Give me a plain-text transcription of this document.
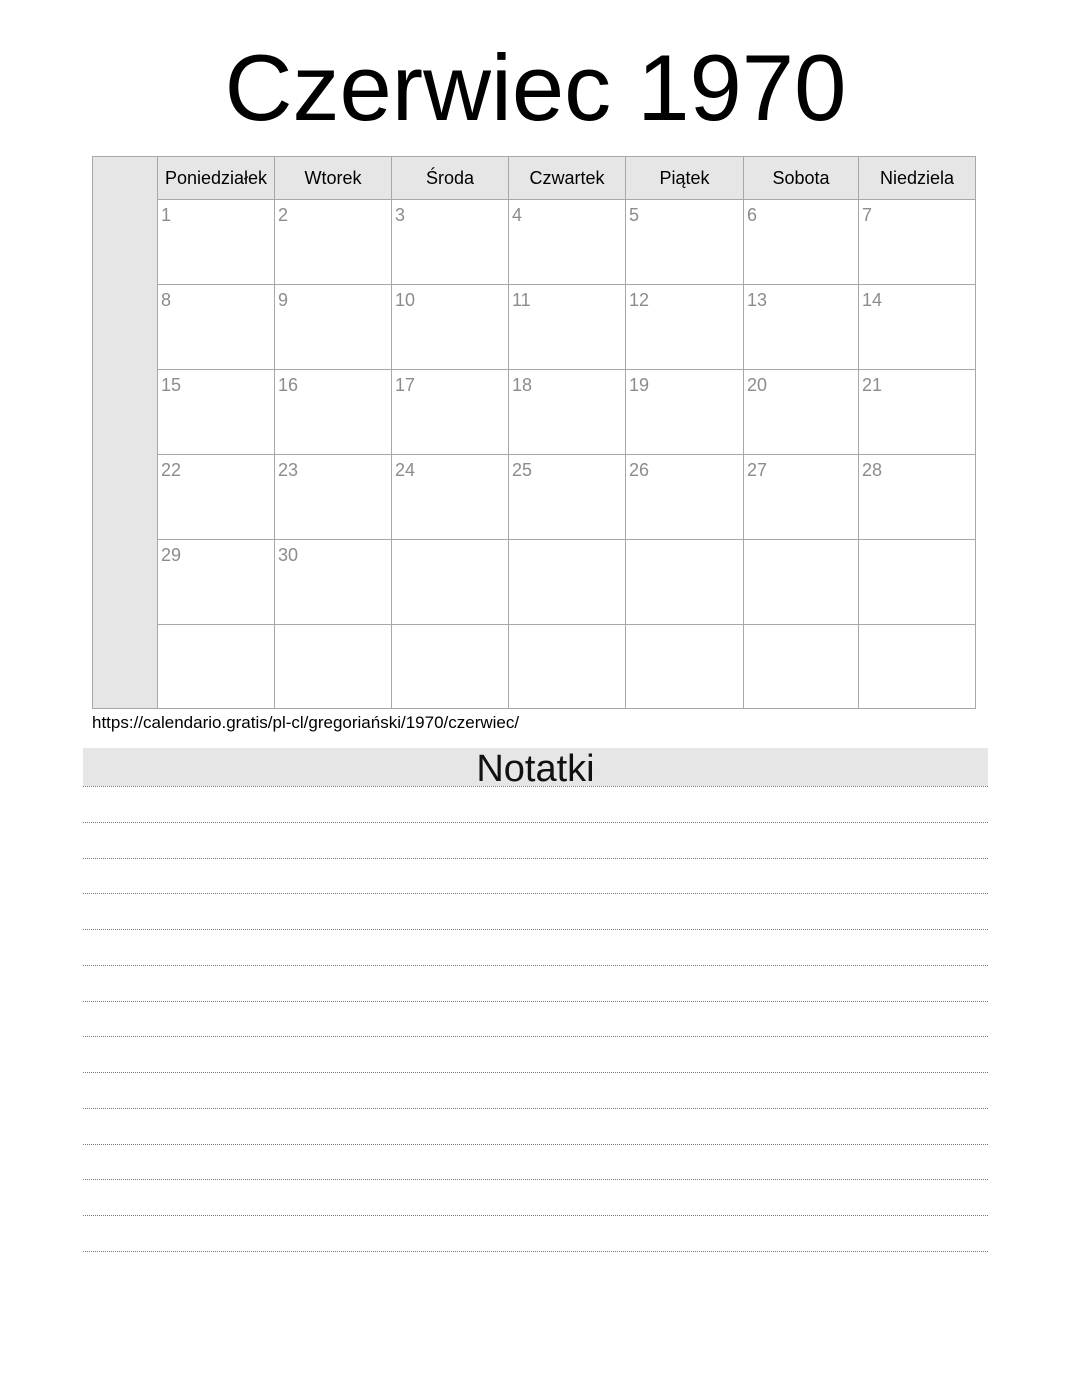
Czerwiec 1970
Poniedziałek	Wtorek	Środa	Czwartek	Piątek	Sobota	Niedziela
1	2	3	4	5	6	7
8	9	10	11	12	13	14
15	16	17	18	19	20	21
22	23	24	25	26	27	28
29	30
https://calendario.gratis/pl-cl/gregoriański/1970/czerwiec/
Notatki
